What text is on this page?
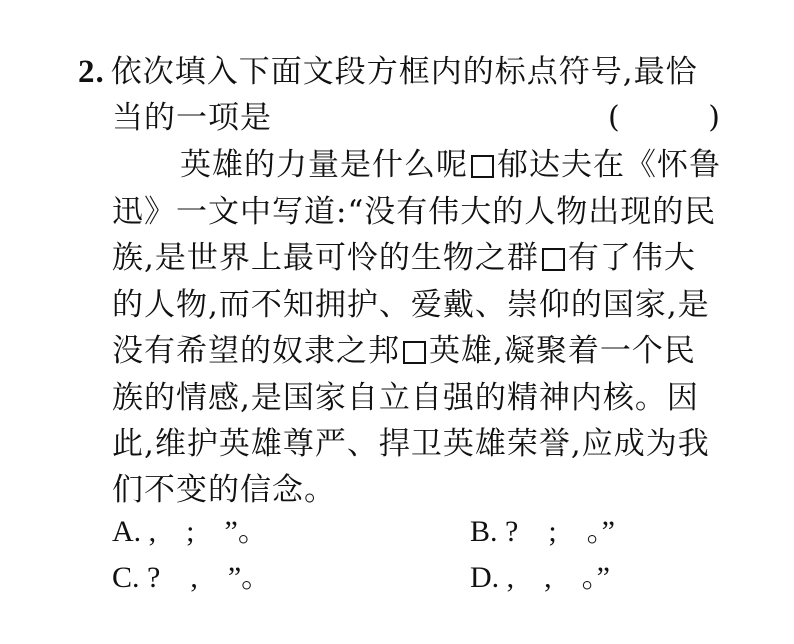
2. 依次填入下面文段方框内的标点符号,最恰
当的一项是	(	)
英雄的力量是什么呢 郁达夫在《怀鲁
迅》一文中写道:“没有伟大的人物出现的民
族,是世界上最可怜的生物之群 有了伟大
的人物,而不知拥护、爱戴、崇仰的国家,是
没有希望的奴隶之邦 英雄,凝聚着一个民
族的情感,是国家自立自强的精神内核。因
此,维护英雄尊严、捍卫英雄荣誉,应成为我
们不变的信念。
A. ,    ;    ”。	B. ?    ;    。”
C. ?    ,    ”。	D. ,    ,    。”
